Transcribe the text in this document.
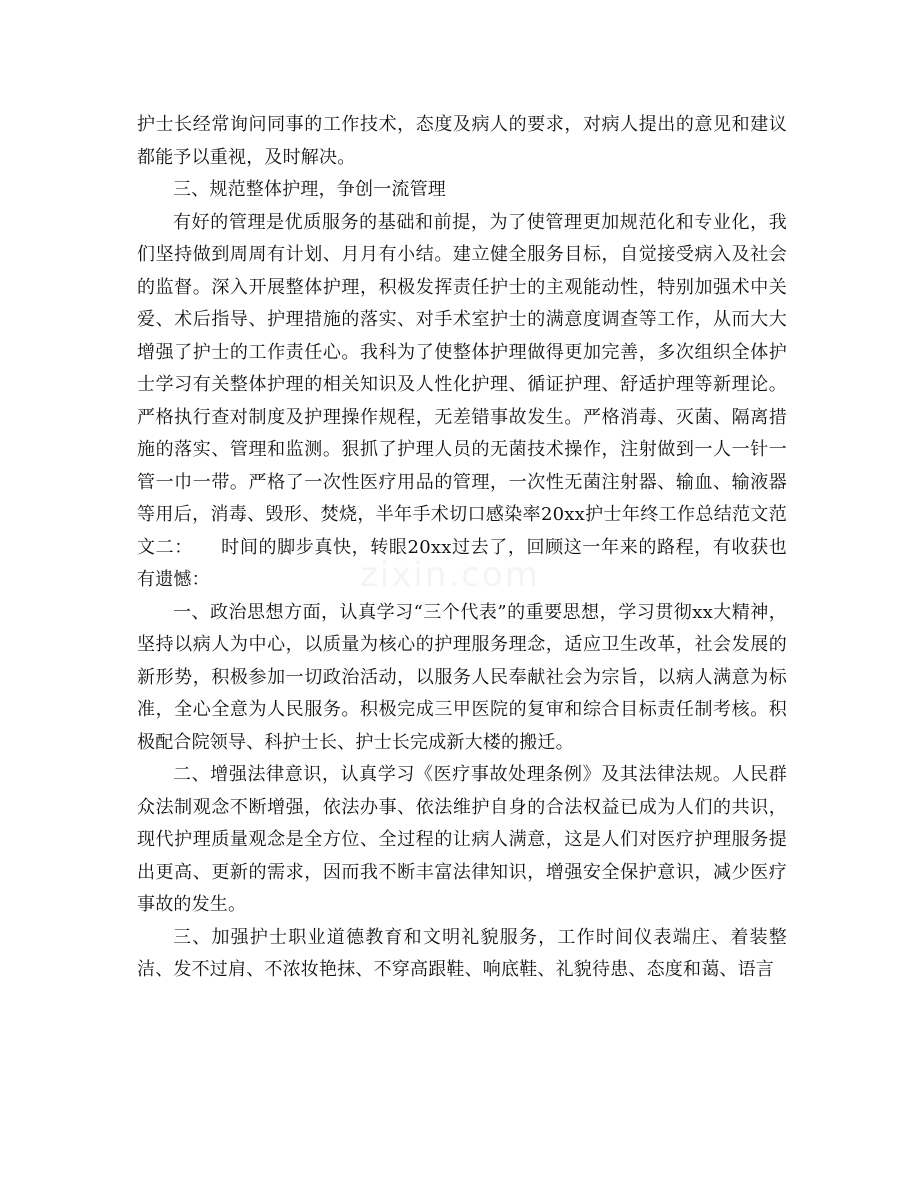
护士长经常询问同事的工作技术，态度及病人的要求，对病人提出的意见和建议都能予以重视，及时解决。

三、规范整体护理，争创一流管理

有好的管理是优质服务的基础和前提，为了使管理更加规范化和专业化，我们坚持做到周周有计划、月月有小结。建立健全服务目标，自觉接受病入及社会的监督。深入开展整体护理，积极发挥责任护士的主观能动性，特别加强术中关爱、术后指导、护理措施的落实、对手术室护士的满意度调查等工作，从而大大增强了护士的工作责任心。我科为了使整体护理做得更加完善，多次组织全体护士学习有关整体护理的相关知识及人性化护理、循证护理、舒适护理等新理论。严格执行查对制度及护理操作规程，无差错事故发生。严格消毒、灭菌、隔离措施的落实、管理和监测。狠抓了护理人员的无菌技术操作，注射做到一人一针一管一巾一带。严格了一次性医疗用品的管理，一次性无菌注射器、输血、输液器等用后，消毒、毁形、焚烧，半年手术切口感染率20xx护士年终工作总结范文范文二：　　时间的脚步真快，转眼20xx过去了，回顾这一年来的路程，有收获也有遗憾：

一、政治思想方面，认真学习“三个代表”的重要思想，学习贯彻xx大精神，坚持以病人为中心，以质量为核心的护理服务理念，适应卫生改革，社会发展的新形势，积极参加一切政治活动，以服务人民奉献社会为宗旨，以病人满意为标准，全心全意为人民服务。积极完成三甲医院的复审和综合目标责任制考核。积极配合院领导、科护士长、护士长完成新大楼的搬迁。

二、增强法律意识，认真学习《医疗事故处理条例》及其法律法规。人民群众法制观念不断增强，依法办事、依法维护自身的合法权益已成为人们的共识，现代护理质量观念是全方位、全过程的让病人满意，这是人们对医疗护理服务提出更高、更新的需求，因而我不断丰富法律知识，增强安全保护意识，减少医疗事故的发生。

三、加强护士职业道德教育和文明礼貌服务，工作时间仪表端庄、着装整洁、发不过肩、不浓妆艳抹、不穿高跟鞋、响底鞋、礼貌待患、态度和蔼、语言

zixin.com
